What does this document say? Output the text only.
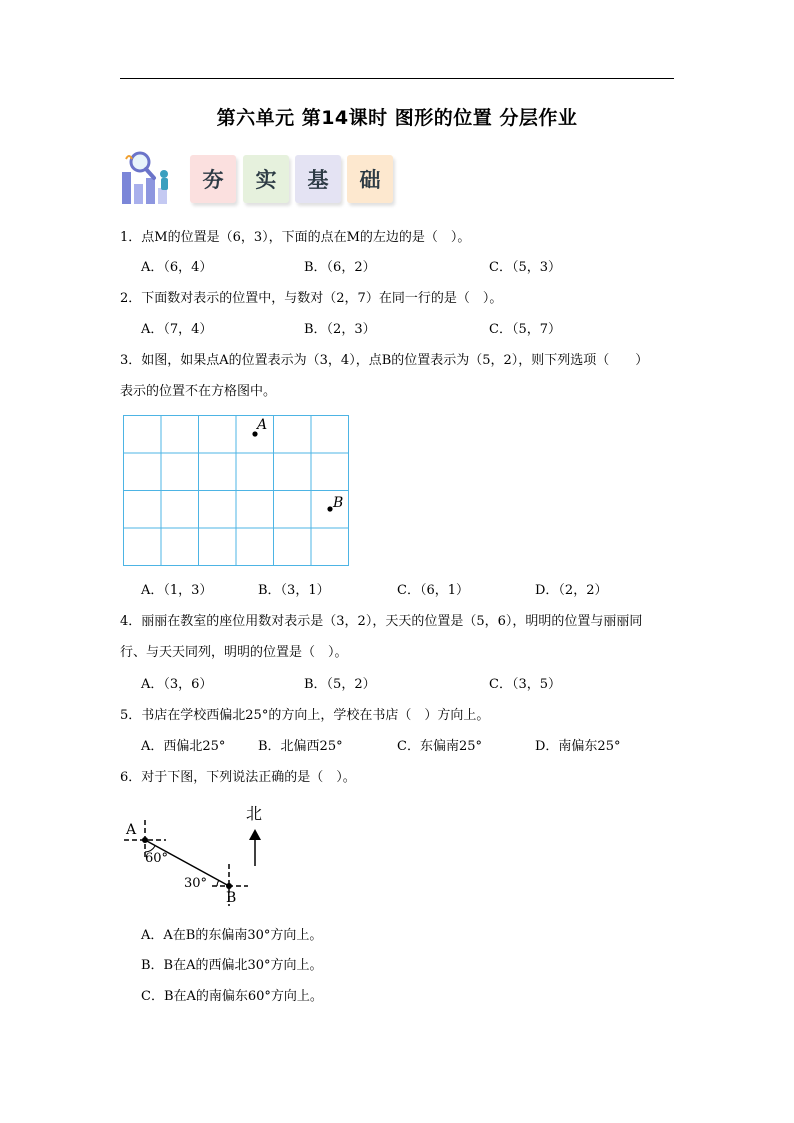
第六单元 第14课时 图形的位置 分层作业
夯	实	基	础
1．点M的位置是（6，3），下面的点在M的左边的是（　）。
A．（6，4）	B．（6，2）	C．（5，3）
2．下面数对表示的位置中，与数对（2，7）在同一行的是（　）。
A．（7，4）	B．（2，3）	C．（5，7）
3．如图，如果点A的位置表示为（3，4），点B的位置表示为（5，2），则下列选项（　　）
表示的位置不在方格图中。
A
B
A．（1，3）	B．（3，1）	C．（6，1）	D．（2，2）
4．丽丽在教室的座位用数对表示是（3，2），天天的位置是（5，6），明明的位置与丽丽同
行、与天天同列，明明的位置是（　）。
A．（3，6）	B．（5，2）	C．（3，5）
5．书店在学校西偏北25°的方向上，学校在书店（　）方向上。
A．西偏北25°	B．北偏西25°	C．东偏南25°	D．南偏东25°
6．对于下图，下列说法正确的是（　）。
北
A
B
60°
30°
A．A在B的东偏南30°方向上。
B．B在A的西偏北30°方向上。
C．B在A的南偏东60°方向上。
